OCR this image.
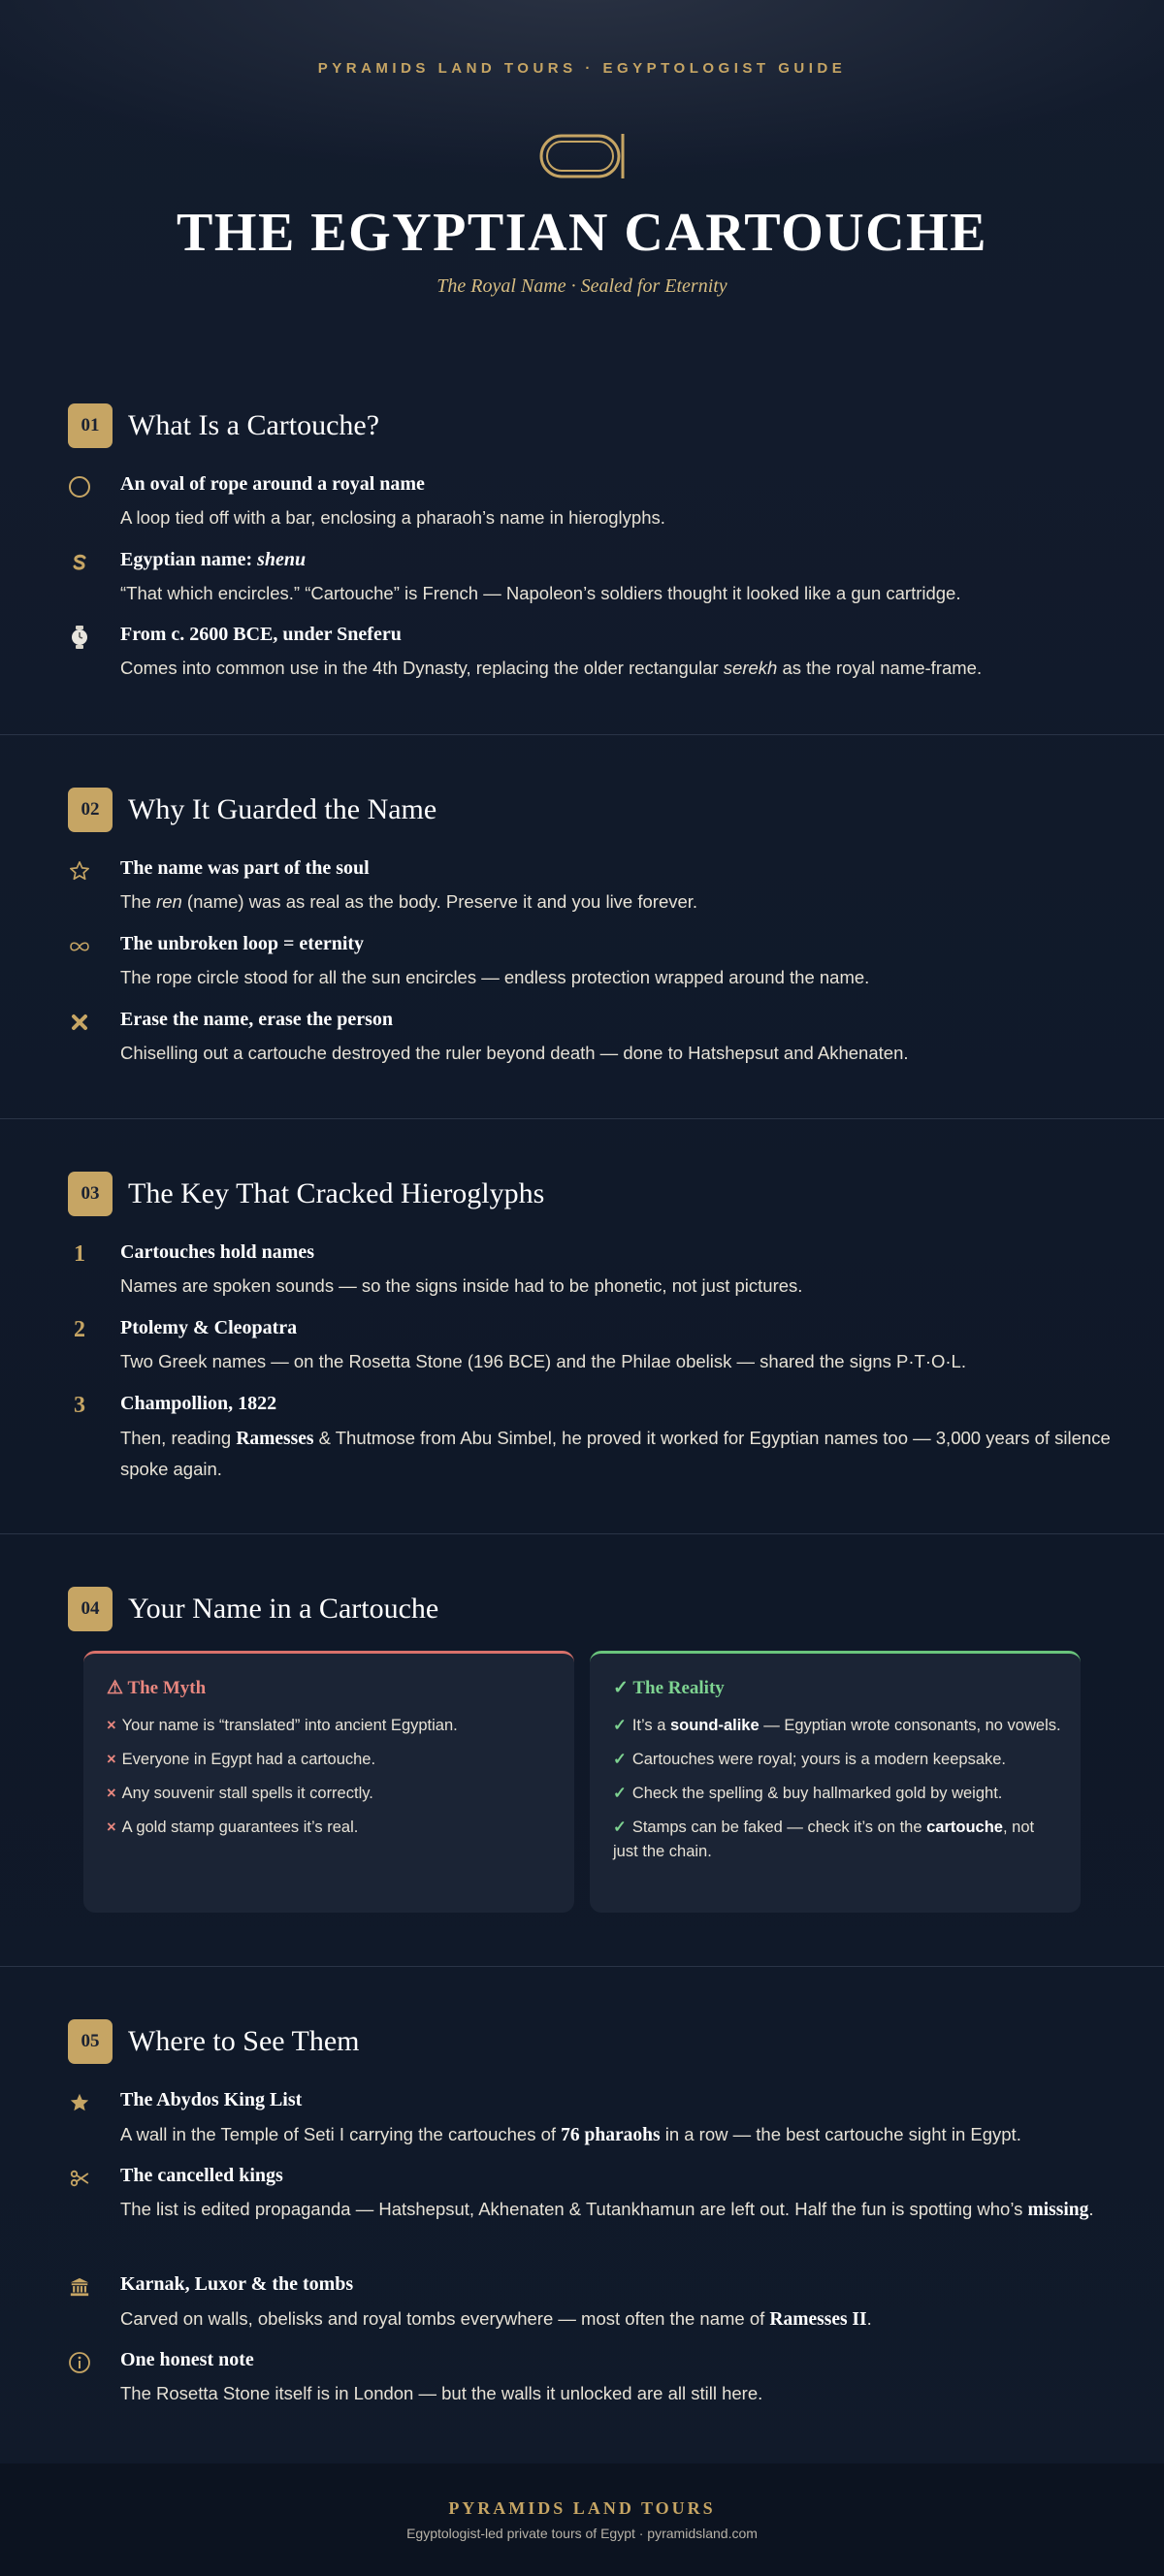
PYRAMIDS LAND TOURS · EGYPTOLOGIST GUIDE
THE EGYPTIAN CARTOUCHE
The Royal Name · Sealed for Eternity
01 What Is a Cartouche?
An oval of rope around a royal name
A loop tied off with a bar, enclosing a pharaoh’s name in hieroglyphs.
Egyptian name: shenu
“That which encircles.” “Cartouche” is French — Napoleon’s soldiers thought it looked like a gun cartridge.
From c. 2600 BCE, under Sneferu
Comes into common use in the 4th Dynasty, replacing the older rectangular serekh as the royal name-frame.
02 Why It Guarded the Name
The name was part of the soul
The ren (name) was as real as the body. Preserve it and you live forever.
The unbroken loop = eternity
The rope circle stood for all the sun encircles — endless protection wrapped around the name.
Erase the name, erase the person
Chiselling out a cartouche destroyed the ruler beyond death — done to Hatshepsut and Akhenaten.
03 The Key That Cracked Hieroglyphs
1	Cartouches hold names
Names are spoken sounds — so the signs inside had to be phonetic, not just pictures.
2	Ptolemy & Cleopatra
Two Greek names — on the Rosetta Stone (196 BCE) and the Philae obelisk — shared the signs P·T·O·L.
3	Champollion, 1822
Then, reading Ramesses & Thutmose from Abu Simbel, he proved it worked for Egyptian names too — 3,000 years of silence spoke again.
04 Your Name in a Cartouche
⚠ The Myth
× Your name is “translated” into ancient Egyptian.
× Everyone in Egypt had a cartouche.
× Any souvenir stall spells it correctly.
× A gold stamp guarantees it’s real.
✓ The Reality
✓ It’s a sound-alike — Egyptian wrote consonants, no vowels.
✓ Cartouches were royal; yours is a modern keepsake.
✓ Check the spelling & buy hallmarked gold by weight.
✓ Stamps can be faked — check it’s on the cartouche, not just the chain.
05 Where to See Them
The Abydos King List
A wall in the Temple of Seti I carrying the cartouches of 76 pharaohs in a row — the best cartouche sight in Egypt.
The cancelled kings
The list is edited propaganda — Hatshepsut, Akhenaten & Tutankhamun are left out. Half the fun is spotting who’s missing.
Karnak, Luxor & the tombs
Carved on walls, obelisks and royal tombs everywhere — most often the name of Ramesses II.
One honest note
The Rosetta Stone itself is in London — but the walls it unlocked are all still here.
PYRAMIDS LAND TOURS
Egyptologist-led private tours of Egypt · pyramidsland.com
